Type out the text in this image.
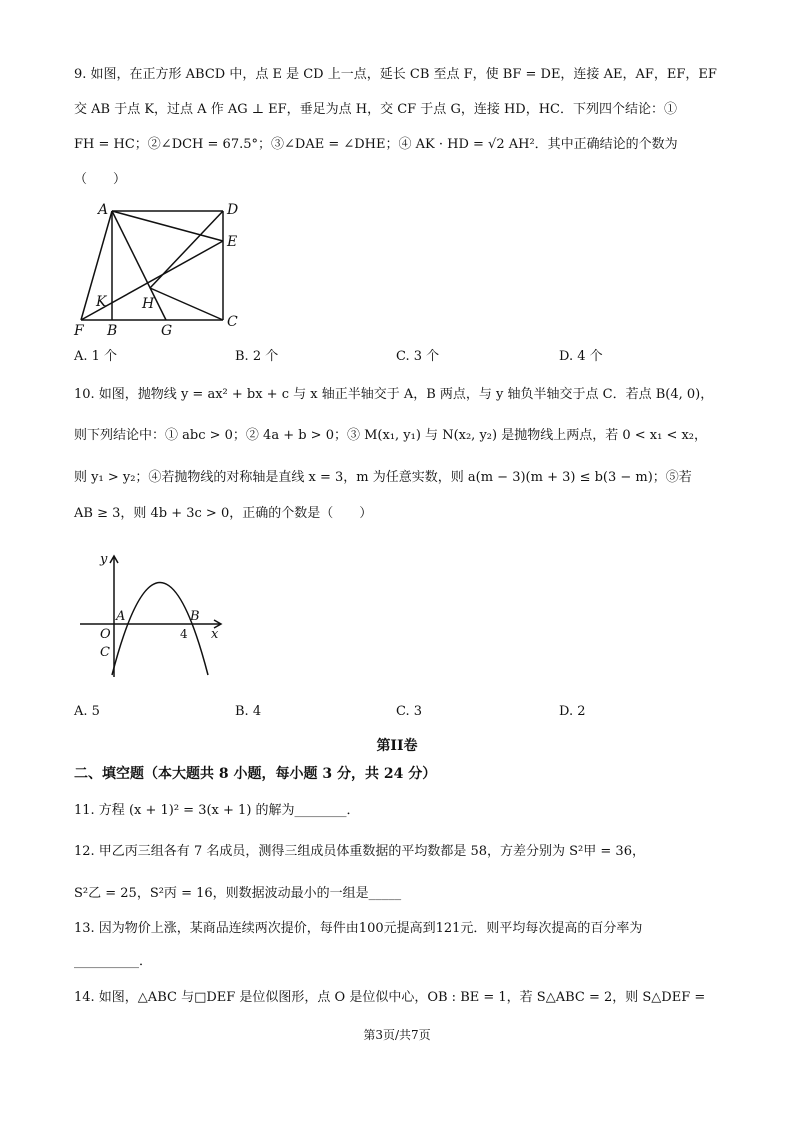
9. 如图，在正方形 ABCD 中，点 E 是 CD 上一点，延长 CB 至点 F，使 BF = DE，连接 AE，AF，EF，EF
交 AB 于点 K，过点 A 作 AG ⊥ EF，垂足为点 H，交 CF 于点 G，连接 HD，HC．下列四个结论：①
FH = HC；②∠DCH = 67.5°；③∠DAE = ∠DHE；④ AK · HD = √2 AH²．其中正确结论的个数为
（　　）
A	D
E
K	H
F B	G
C
A. 1 个	B. 2 个	C. 3 个	D. 4 个
10. 如图，抛物线 y = ax² + bx + c 与 x 轴正半轴交于 A，B 两点，与 y 轴负半轴交于点 C．若点 B(4, 0)，
则下列结论中：① abc > 0；② 4a + b > 0；③ M(x₁, y₁) 与 N(x₂, y₂) 是抛物线上两点，若 0 < x₁ < x₂，
则 y₁ > y₂；④若抛物线的对称轴是直线 x = 3，m 为任意实数，则 a(m − 3)(m + 3) ≤ b(3 − m)；⑤若
AB ≥ 3，则 4b + 3c > 0，正确的个数是（　　）
y
A	B
O
C
x
4
A. 5	B. 4	C. 3	D. 2
第II卷
二、填空题（本大题共 8 小题，每小题 3 分，共 24 分）
11. 方程 (x + 1)² = 3(x + 1) 的解为________．
12. 甲乙丙三组各有 7 名成员，测得三组成员体重数据的平均数都是 58，方差分别为 S²甲 = 36，
S²乙 = 25，S²丙 = 16，则数据波动最小的一组是_____
13. 因为物价上涨，某商品连续两次提价，每件由100元提高到121元．则平均每次提高的百分率为
__________．
14. 如图，△ABC 与□DEF 是位似图形，点 O 是位似中心，OB : BE = 1，若 S△ABC = 2，则 S△DEF =
第3页/共7页
